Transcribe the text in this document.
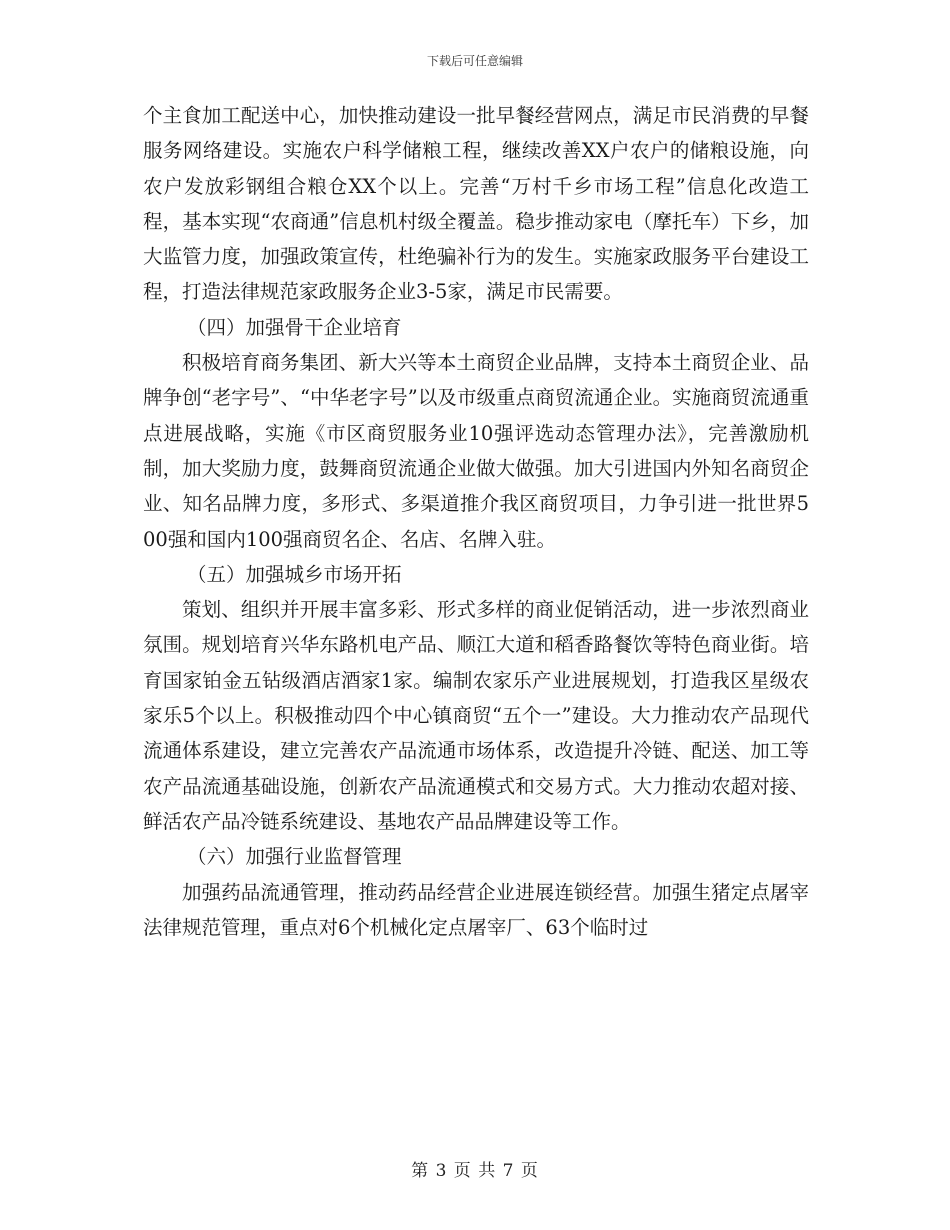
下载后可任意编辑

个主食加工配送中心，加快推动建设一批早餐经营网点，满足市民消费的早餐服务网络建设。实施农户科学储粮工程，继续改善XX户农户的储粮设施，向农户发放彩钢组合粮仓XX个以上。完善“万村千乡市场工程”信息化改造工程，基本实现“农商通”信息机村级全覆盖。稳步推动家电（摩托车）下乡，加大监管力度，加强政策宣传，杜绝骗补行为的发生。实施家政服务平台建设工程，打造法律规范家政服务企业3-5家，满足市民需要。

（四）加强骨干企业培育

积极培育商务集团、新大兴等本土商贸企业品牌，支持本土商贸企业、品牌争创“老字号”、“中华老字号”以及市级重点商贸流通企业。实施商贸流通重点进展战略，实施《市区商贸服务业10强评选动态管理办法》，完善激励机制，加大奖励力度，鼓舞商贸流通企业做大做强。加大引进国内外知名商贸企业、知名品牌力度，多形式、多渠道推介我区商贸项目，力争引进一批世界500强和国内100强商贸名企、名店、名牌入驻。

（五）加强城乡市场开拓

策划、组织并开展丰富多彩、形式多样的商业促销活动，进一步浓烈商业氛围。规划培育兴华东路机电产品、顺江大道和稻香路餐饮等特色商业街。培育国家铂金五钻级酒店酒家1家。编制农家乐产业进展规划，打造我区星级农家乐5个以上。积极推动四个中心镇商贸“五个一”建设。大力推动农产品现代流通体系建设，建立完善农产品流通市场体系，改造提升冷链、配送、加工等农产品流通基础设施，创新农产品流通模式和交易方式。大力推动农超对接、鲜活农产品冷链系统建设、基地农产品品牌建设等工作。

（六）加强行业监督管理

加强药品流通管理，推动药品经营企业进展连锁经营。加强生猪定点屠宰法律规范管理，重点对6个机械化定点屠宰厂、63个临时过

第 3 页 共 7 页
